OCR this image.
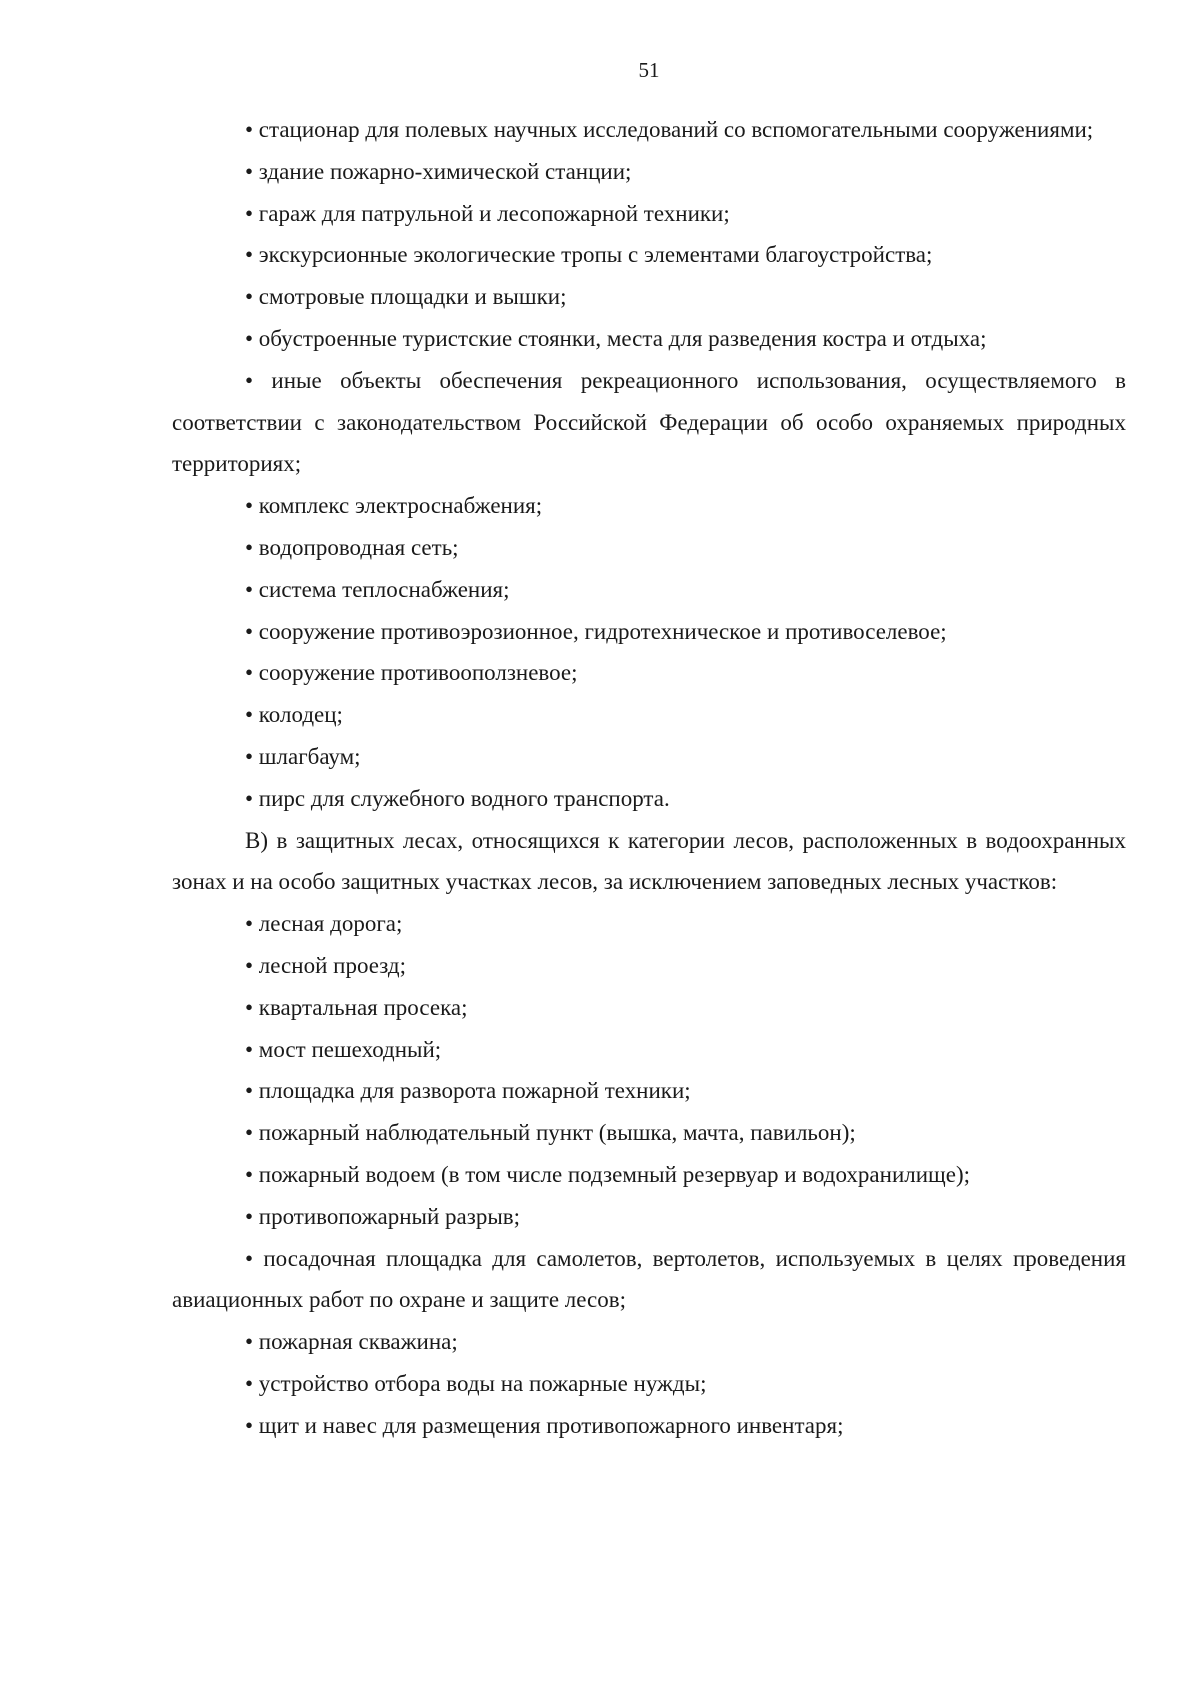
51

• стационар для полевых научных исследований со вспомогательными сооружениями;

• здание пожарно-химической станции;

• гараж для патрульной и лесопожарной техники;

• экскурсионные экологические тропы с элементами благоустройства;

• смотровые площадки и вышки;

• обустроенные туристские стоянки, места для разведения костра и отдыха;

• иные объекты обеспечения рекреационного использования, осуществляемого в соответствии с законодательством Российской Федерации об особо охраняемых природных территориях;

• комплекс электроснабжения;

• водопроводная сеть;

• система теплоснабжения;

• сооружение противоэрозионное, гидротехническое и противоселевое;

• сооружение противооползневое;

• колодец;

• шлагбаум;

• пирс для служебного водного транспорта.

В) в защитных лесах, относящихся к категории лесов, расположенных в водоохранных зонах и на особо защитных участках лесов, за исключением заповедных лесных участков:

• лесная дорога;

• лесной проезд;

• квартальная просека;

• мост пешеходный;

• площадка для разворота пожарной техники;

• пожарный наблюдательный пункт (вышка, мачта, павильон);

• пожарный водоем (в том числе подземный резервуар и водохранилище);

• противопожарный разрыв;

• посадочная площадка для самолетов, вертолетов, используемых в целях проведения авиационных работ по охране и защите лесов;

• пожарная скважина;

• устройство отбора воды на пожарные нужды;

• щит и навес для размещения противопожарного инвентаря;
